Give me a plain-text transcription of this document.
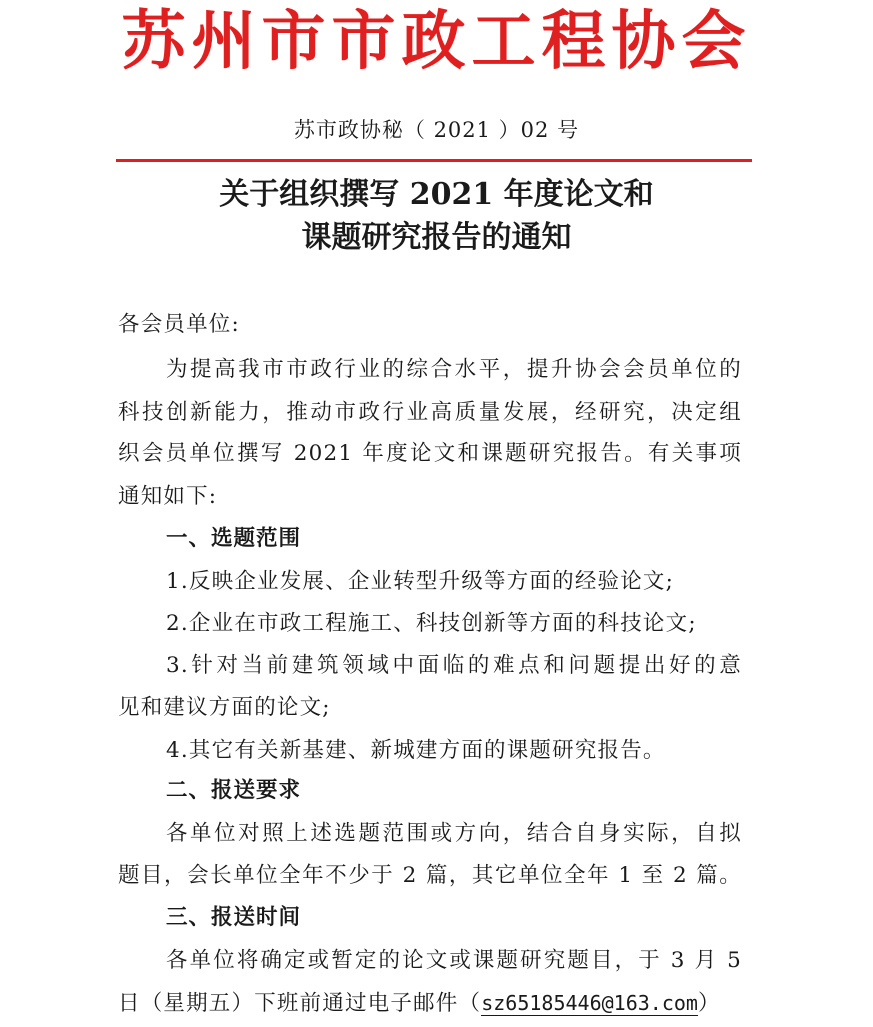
苏州市市政工程协会
苏市政协秘（ 2021 ）02 号
关于组织撰写 2021 年度论文和
课题研究报告的通知
各会员单位:
为提高我市市政行业的综合水平，提升协会会员单位的
科技创新能力，推动市政行业高质量发展，经研究，决定组
织会员单位撰写 2021 年度论文和课题研究报告。有关事项
通知如下:
一、选题范围
1.反映企业发展、企业转型升级等方面的经验论文;
2.企业在市政工程施工、科技创新等方面的科技论文;
3.针对当前建筑领域中面临的难点和问题提出好的意
见和建议方面的论文;
4.其它有关新基建、新城建方面的课题研究报告。
二、报送要求
各单位对照上述选题范围或方向，结合自身实际，自拟
题目，会长单位全年不少于 2 篇，其它单位全年 1 至 2 篇。
三、报送时间
各单位将确定或暂定的论文或课题研究题目，于 3 月 5
日（星期五）下班前通过电子邮件（sz65185446@163.com）
